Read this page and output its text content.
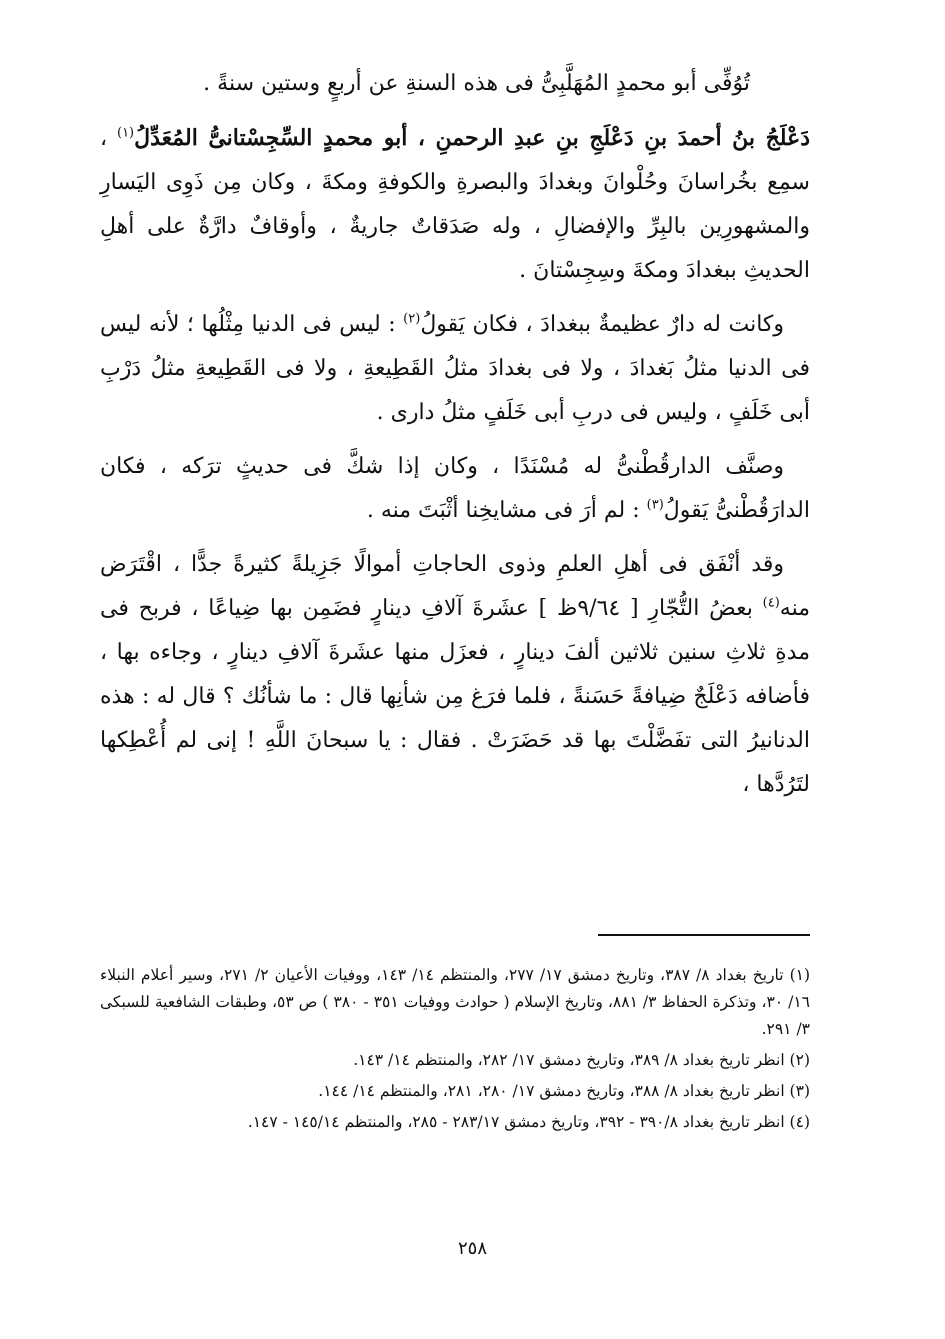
تُوُفِّى أبو محمدٍ المُهَلَّبِىُّ فى هذه السنةِ عن أربعٍ وستين سنةً .

دَعْلَجُ بنُ أحمدَ بنِ دَعْلَجِ بنِ عبدِ الرحمنِ ، أبو محمدٍ السِّجِسْتانىُّ المُعَدِّلُ$^{(١)}$ ، سمِع بخُراسانَ وحُلْوانَ وبغدادَ والبصرةِ والكوفةِ ومكةَ ، وكان مِن ذَوِى اليَسارِ والمشهورِين بالبِرِّ والإفضالِ ، وله صَدَقاتٌ جاريةٌ ، وأوقافٌ دارَّةٌ على أهلِ الحديثِ ببغدادَ ومكةَ وسِجِسْتانَ .

وكانت له دارٌ عظيمةٌ ببغدادَ ، فكان يَقولُ$^{(٢)}$ : ليس فى الدنيا مِثْلُها ؛ لأنه ليس فى الدنيا مثلُ بَغدادَ ، ولا فى بغدادَ مثلُ القَطِيعةِ ، ولا فى القَطِيعةِ مثلُ دَرْبِ أبى خَلَفٍ ، وليس فى دربِ أبى خَلَفٍ مثلُ دارى .

وصنَّف الدارقُطْنىُّ له مُسْنَدًا ، وكان إذا شكَّ فى حديثٍ ترَكه ، فكان الدارَقُطْنىُّ يَقولُ$^{(٣)}$ : لم أرَ فى مشايخِنا أثْبَتَ منه .

وقد أنْفَق فى أهلِ العلمِ وذوى الحاجاتِ أموالًا جَزِيلةً كثيرةً جدًّا ، اقْتَرَض منه$^{(٤)}$ بعضُ التُّجّارِ [ ٩/٦٤ظ ] عشَرةَ آلافِ دينارٍ فضَمِن بها ضِياعًا ، فربح فى مدةِ ثلاثِ سنين ثلاثين ألفَ دينارٍ ، فعزَل منها عشَرةَ آلافِ دينارٍ ، وجاءه بها ، فأضافه دَعْلَجٌ ضِيافةً حَسَنةً ، فلما فرَغ مِن شأنِها قال : ما شأنُك ؟ قال له : هذه الدنانيرُ التى تفَضَّلْتَ بها قد حَضَرَتْ . فقال : يا سبحانَ اللَّهِ ! إنى لم أُعْطِكها لتَرُدَّها ،

(١) تاريخ بغداد ٨/ ٣٨٧، وتاريخ دمشق ١٧/ ٢٧٧، والمنتظم ١٤/ ١٤٣، ووفيات الأعيان ٢/ ٢٧١، وسير أعلام النبلاء ١٦/ ٣٠، وتذكرة الحفاظ ٣/ ٨٨١، وتاريخ الإسلام ( حوادث ووفيات ٣٥١ - ٣٨٠ ) ص ٥٣، وطبقات الشافعية للسبكى ٣/ ٢٩١.

(٢) انظر تاريخ بغداد ٨/ ٣٨٩، وتاريخ دمشق ١٧/ ٢٨٢، والمنتظم ١٤/ ١٤٣.

(٣) انظر تاريخ بغداد ٨/ ٣٨٨، وتاريخ دمشق ١٧/ ٢٨٠، ٢٨١، والمنتظم ١٤/ ١٤٤.

(٤) انظر تاريخ بغداد ٣٩٠/٨ - ٣٩٢، وتاريخ دمشق ٢٨٣/١٧ - ٢٨٥، والمنتظم ١٤٥/١٤ - ١٤٧.

٢٥٨
